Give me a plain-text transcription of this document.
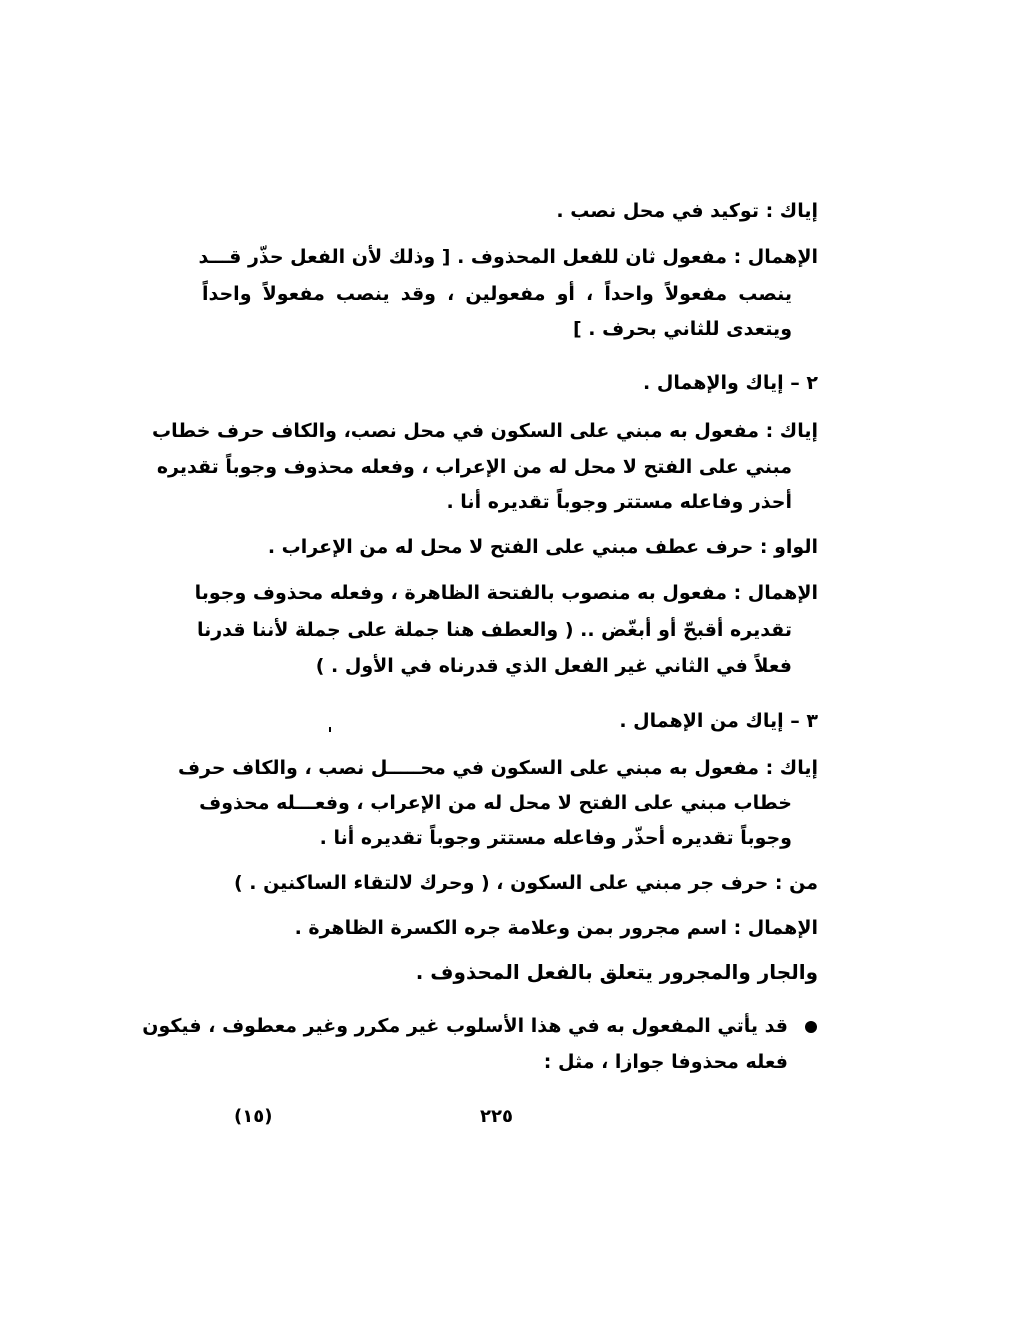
إياك : توكيد في محل نصب .
الإهمال : مفعول ثان للفعل المحذوف . [ وذلك لأن الفعل حذّر قـــد
ينصب مفعولاً واحداً ، أو مفعولين ، وقد ينصب مفعولاً واحداً
ويتعدى للثاني بحرف . ]
٢ – إياك والإهمال .
إياك : مفعول به مبني على السكون في محل نصب، والكاف حرف خطاب
مبني على الفتح لا محل له من الإعراب ، وفعله محذوف وجوباً تقديره
أحذر وفاعله مستتر وجوباً تقديره أنا .
الواو : حرف عطف مبني على الفتح لا محل له من الإعراب .
الإهمال : مفعول به منصوب بالفتحة الظاهرة ، وفعله محذوف وجوبا
تقديره أقبحّ أو أبغّض .. ( والعطف هنا جملة على جملة لأننا قدرنا
فعلاً في الثاني غير الفعل الذي قدرناه في الأول . )
٣ – إياك من الإهمال .
إياك : مفعول به مبني على السكون في محـــــل نصب ، والكاف حرف
خطاب مبني على الفتح لا محل له من الإعراب ، وفعـــله محذوف
وجوباً تقديره أحذّر وفاعله مستتر وجوباً تقديره أنا .
من : حرف جر مبني على السكون ، ( وحرك لالتقاء الساكنين . )
الإهمال : اسم مجرور بمن وعلامة جره الكسرة الظاهرة .
والجار والمجرور يتعلق بالفعل المحذوف .
قد يأتي المفعول به في هذا الأسلوب غير مكرر وغير معطوف ، فيكون
فعله محذوفا جوازا ، مثل :
٢٢٥
(١٥)
